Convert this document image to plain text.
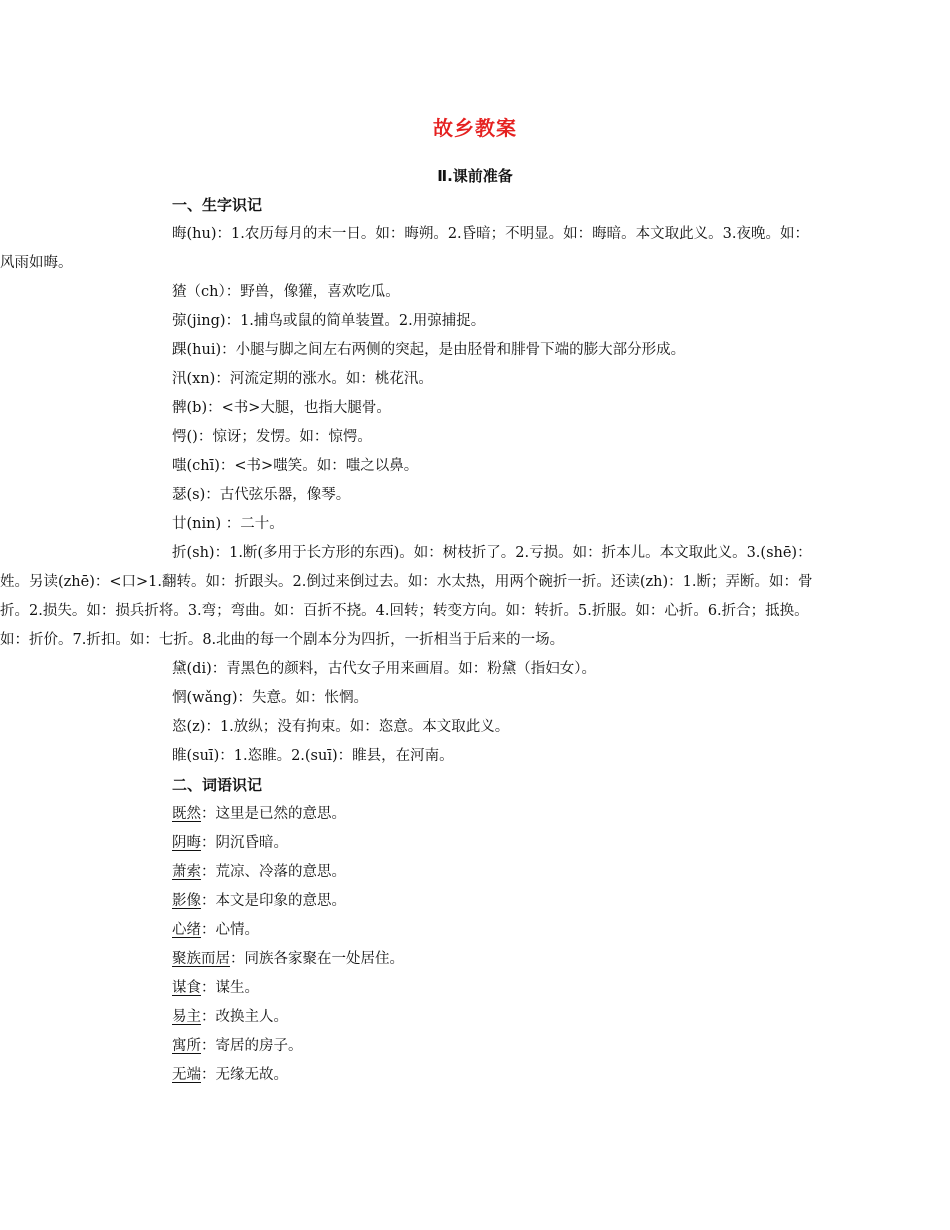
故乡教案
Ⅱ.课前准备
一、生字识记
晦(hu)：1.农历每月的末一日。如：晦朔。2.昏暗；不明显。如：晦暗。本文取此义。3.夜晚。如：风雨如晦。
猹（ch）：野兽，像獾，喜欢吃瓜。
弶(jing)：1.捕鸟或鼠的简单装置。2.用弶捕捉。
踝(hui)：小腿与脚之间左右两侧的突起，是由胫骨和腓骨下端的膨大部分形成。
汛(xn)：河流定期的涨水。如：桃花汛。
髀(b)：<书>大腿，也指大腿骨。
愕()：惊讶；发愣。如：惊愕。
嗤(chī)：<书>嗤笑。如：嗤之以鼻。
瑟(s)：古代弦乐器，像琴。
廿(nin) ：二十。
折(sh)：1.断(多用于长方形的东西)。如：树枝折了。2.亏损。如：折本儿。本文取此义。3.(shē)：姓。另读(zhē)：<口>1.翻转。如：折跟头。2.倒过来倒过去。如：水太热，用两个碗折一折。还读(zh)：1.断；弄断。如：骨折。2.损失。如：损兵折将。3.弯；弯曲。如：百折不挠。4.回转；转变方向。如：转折。5.折服。如：心折。6.折合；抵换。如：折价。7.折扣。如：七折。8.北曲的每一个剧本分为四折，一折相当于后来的一场。
黛(di)：青黑色的颜料，古代女子用来画眉。如：粉黛（指妇女）。
惘(wǎng)：失意。如：怅惘。
恣(z)：1.放纵；没有拘束。如：恣意。本文取此义。
睢(suī)：1.恣睢。2.(suī)：睢县，在河南。
二、词语识记
既然：这里是已然的意思。
阴晦：阴沉昏暗。
萧索：荒凉、冷落的意思。
影像：本文是印象的意思。
心绪：心情。
聚族而居：同族各家聚在一处居住。
谋食：谋生。
易主：改换主人。
寓所：寄居的房子。
无端：无缘无故。
